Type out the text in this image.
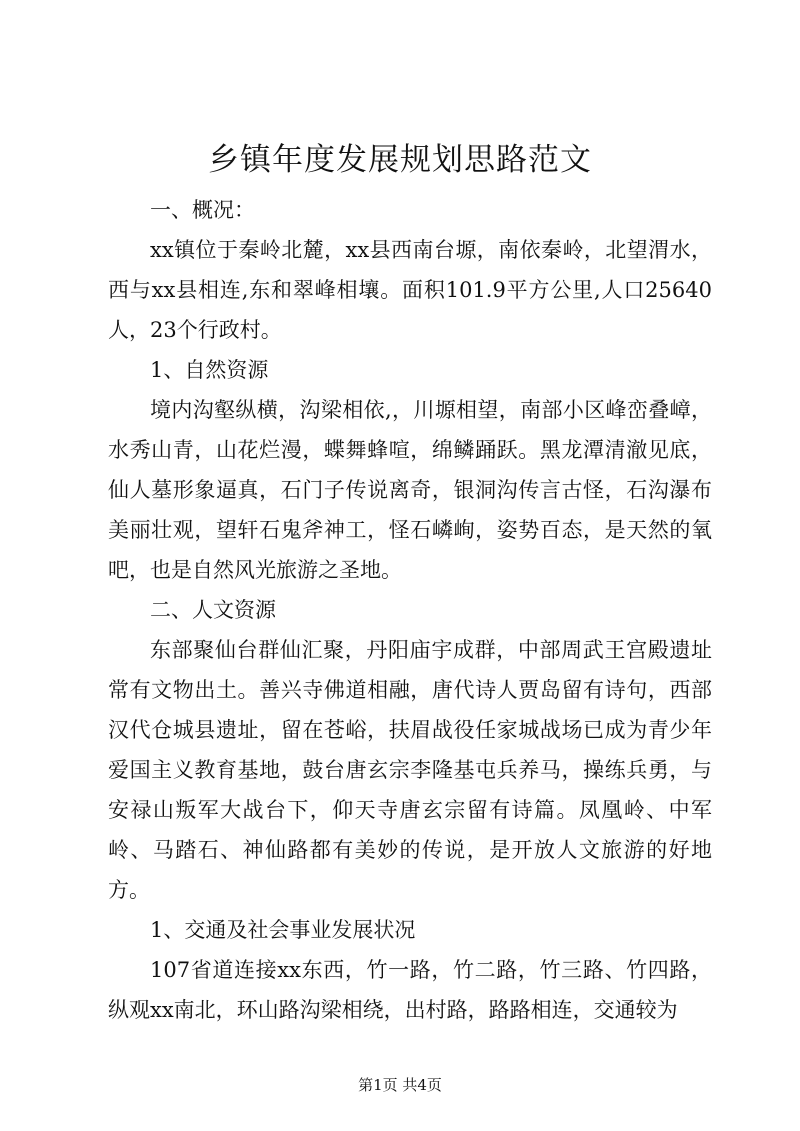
乡镇年度发展规划思路范文

一、概况：

xx镇位于秦岭北麓，xx县西南台塬，南依秦岭，北望渭水，西与xx县相连,东和翠峰相壤。面积101.9平方公里,人口25640人，23个行政村。

1、自然资源

境内沟壑纵横，沟梁相依,，川塬相望，南部小区峰峦叠嶂，水秀山青，山花烂漫，蝶舞蜂喧，绵鳞踊跃。黑龙潭清澈见底，仙人墓形象逼真，石门子传说离奇，银洞沟传言古怪，石沟瀑布美丽壮观，望轩石鬼斧神工，怪石嶙峋，姿势百态，是天然的氧吧，也是自然风光旅游之圣地。

二、人文资源

东部聚仙台群仙汇聚，丹阳庙宇成群，中部周武王宫殿遗址常有文物出土。善兴寺佛道相融，唐代诗人贾岛留有诗句，西部汉代仓城县遗址，留在苍峪，扶眉战役任家城战场已成为青少年爱国主义教育基地，鼓台唐玄宗李隆基屯兵养马，操练兵勇，与安禄山叛军大战台下，仰天寺唐玄宗留有诗篇。凤凰岭、中军岭、马踏石、神仙路都有美妙的传说，是开放人文旅游的好地方。

1、交通及社会事业发展状况

107省道连接xx东西，竹一路，竹二路，竹三路、竹四路，纵观xx南北，环山路沟梁相绕，出村路，路路相连，交通较为

第1页 共4页
